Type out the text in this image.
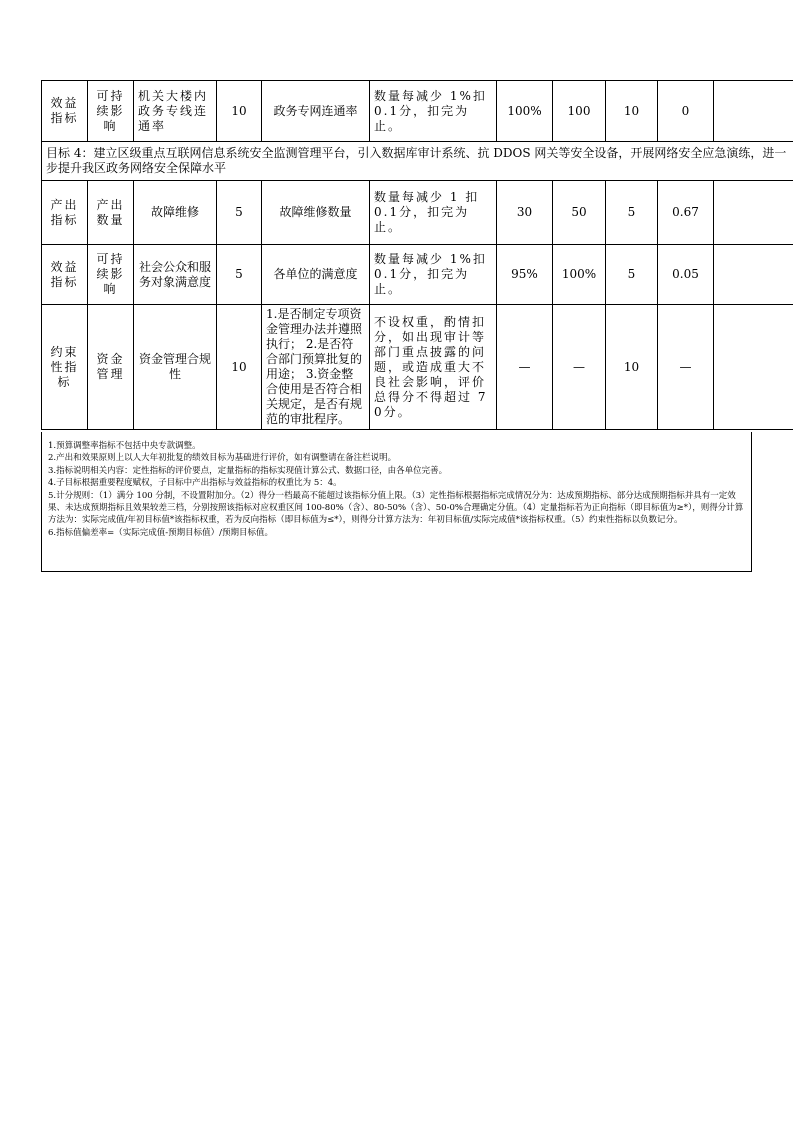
效益指标	可持续影响	机关大楼内政务专线连通率	10	政务专网连通率	数量每减少 1%扣0.1分，扣完为止。	100%	100	10	0	
目标 4：建立区级重点互联网信息系统安全监测管理平台，引入数据库审计系统、抗 DDOS 网关等安全设备，开展网络安全应急演练，进一步提升我区政务网络安全保障水平										
产出指标	产出数量	故障维修	5	故障维修数量	数量每减少 1 扣 0.1分，扣完为止。	30	50	5	0.67	
效益指标	可持续影响	社会公众和服务对象满意度	5	各单位的满意度	数量每减少 1%扣0.1分，扣完为止。	95%	100%	5	0.05	
约束性指标	资金管理	资金管理合规性	10	1.是否制定专项资金管理办法并遵照执行； 2.是否符合部门预算批复的用途； 3.资金整合使用是否符合相关规定，是否有规范的审批程序。	不设权重，酌情扣分，如出现审计等部门重点披露的问题，或造成重大不良社会影响，评价总得分不得超过 70分。	—	—	10	—	

1.预算调整率指标不包括中央专款调整。

2.产出和效果原则上以人大年初批复的绩效目标为基础进行评价，如有调整请在备注栏说明。

3.指标说明相关内容：定性指标的评价要点，定量指标的指标实现值计算公式、数据口径，由各单位完善。

4.子目标根据重要程度赋权，子目标中产出指标与效益指标的权重比为 5：4。

5.计分规则：（1）满分 100 分制，不设置附加分。（2）得分一档最高不能超过该指标分值上限。（3）定性指标根据指标完成情况分为：达成预期指标、部分达成预期指标并具有一定效果、未达成预期指标且效果较差三档，分别按照该指标对应权重区间 100-80%（含）、80-50%（含）、50-0%合理确定分值。（4）定量指标若为正向指标（即目标值为≥*），则得分计算方法为：实际完成值/年初目标值*该指标权重，若为反向指标（即目标值为≤*），则得分计算方法为：年初目标值/实际完成值*该指标权重。（5）约束性指标以负数记分。

6.指标值偏差率=（实际完成值-预期目标值）/预期目标值。
